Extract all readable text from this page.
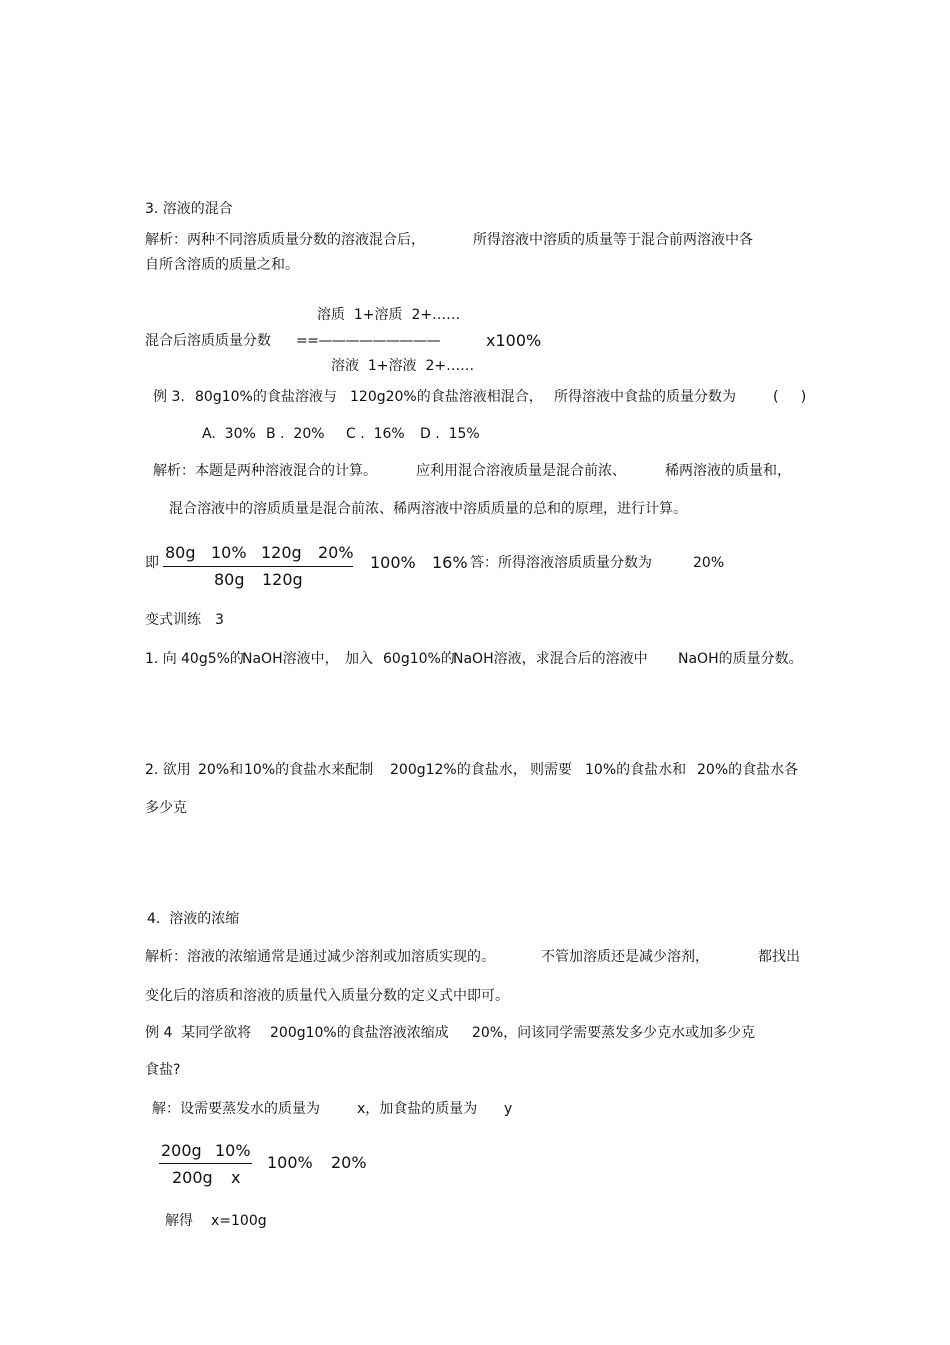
3. 溶液的混合
解析：两种不同溶质质量分数的溶液混合后，	所得溶液中溶质的质量等于混合前两溶液中各
自所含溶质的质量之和。
溶质  1+溶质  2+……
混合后溶质质量分数 ==—————————	x100%
溶液  1+溶液  2+……
例 3. 80g10%的食盐溶液与 120g20%的食盐溶液相混合， 所得溶液中食盐的质量分数为	(     )
A.  30% B .  20% C .  16% D .  15%
解析：本题是两种溶液混合的计算。	应利用混合溶液质量是混合前浓、	稀两溶液的质量和，
混合溶液中的溶质质量是混合前浓、稀两溶液中溶质质量的总和的原理，进行计算。
即
80g 10% 120g 20%
80g 120g
100% 16% 答：所得溶液溶质质量分数为	20%
变式训练 3
1. 向 40g5%的
NaOH溶液中， 加入 60g10%的
NaOH溶液，求混合后的溶液中 NaOH的质量分数。
2. 欲用 20%和 10%的食盐水来配制 200g12%的食盐水， 则需要 10%的食盐水和 20%的食盐水各
多少克
4.  溶液的浓缩
解析：溶液的浓缩通常是通过减少溶剂或加溶质实现的。	不管加溶质还是减少溶剂，	都找出
变化后的溶质和溶液的质量代入质量分数的定义式中即可。
例 4  某同学欲将 200g10%的食盐溶液浓缩成 20%，问该同学需要蒸发多少克水或加多少克
食盐?
解：设需要蒸发水的质量为	x，加食盐的质量为 y
200g 10%
200g x
100% 20%
解得 x=100g
